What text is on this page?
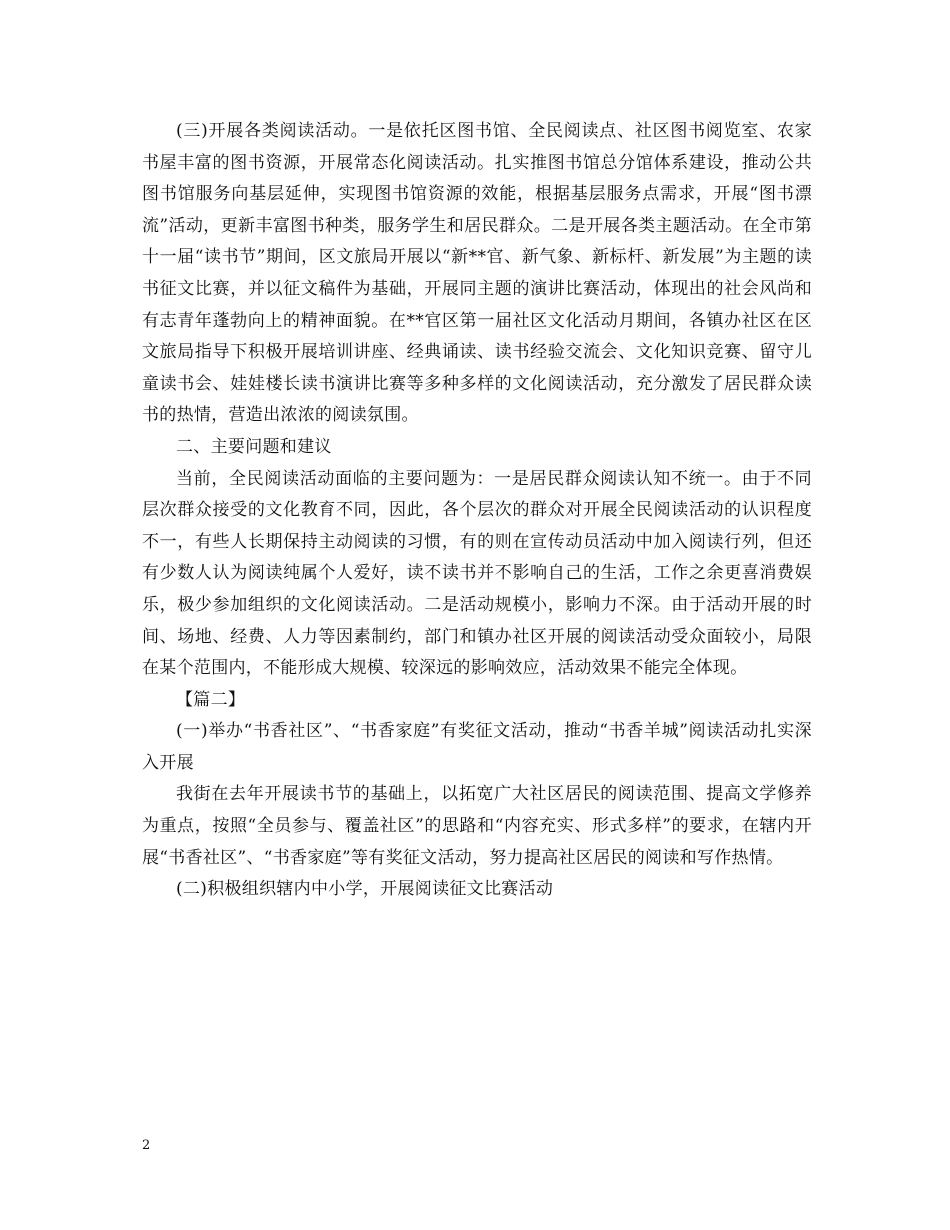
(三)开展各类阅读活动。一是依托区图书馆、全民阅读点、社区图书阅览室、农家书屋丰富的图书资源，开展常态化阅读活动。扎实推图书馆总分馆体系建设，推动公共图书馆服务向基层延伸，实现图书馆资源的效能，根据基层服务点需求，开展“图书漂流”活动，更新丰富图书种类，服务学生和居民群众。二是开展各类主题活动。在全市第十一届“读书节”期间，区文旅局开展以“新**官、新气象、新标杆、新发展”为主题的读书征文比赛，并以征文稿件为基础，开展同主题的演讲比赛活动，体现出的社会风尚和有志青年蓬勃向上的精神面貌。在**官区第一届社区文化活动月期间，各镇办社区在区文旅局指导下积极开展培训讲座、经典诵读、读书经验交流会、文化知识竞赛、留守儿童读书会、娃娃楼长读书演讲比赛等多种多样的文化阅读活动，充分激发了居民群众读书的热情，营造出浓浓的阅读氛围。

二、主要问题和建议

当前，全民阅读活动面临的主要问题为：一是居民群众阅读认知不统一。由于不同层次群众接受的文化教育不同，因此，各个层次的群众对开展全民阅读活动的认识程度不一，有些人长期保持主动阅读的习惯，有的则在宣传动员活动中加入阅读行列，但还有少数人认为阅读纯属个人爱好，读不读书并不影响自己的生活，工作之余更喜消费娱乐，极少参加组织的文化阅读活动。二是活动规模小，影响力不深。由于活动开展的时间、场地、经费、人力等因素制约，部门和镇办社区开展的阅读活动受众面较小，局限在某个范围内，不能形成大规模、较深远的影响效应，活动效果不能完全体现。

【篇二】

(一)举办“书香社区”、“书香家庭”有奖征文活动，推动“书香羊城”阅读活动扎实深入开展

我街在去年开展读书节的基础上，以拓宽广大社区居民的阅读范围、提高文学修养为重点，按照“全员参与、覆盖社区”的思路和“内容充实、形式多样”的要求，在辖内开展“书香社区”、“书香家庭”等有奖征文活动，努力提高社区居民的阅读和写作热情。

(二)积极组织辖内中小学，开展阅读征文比赛活动

2
